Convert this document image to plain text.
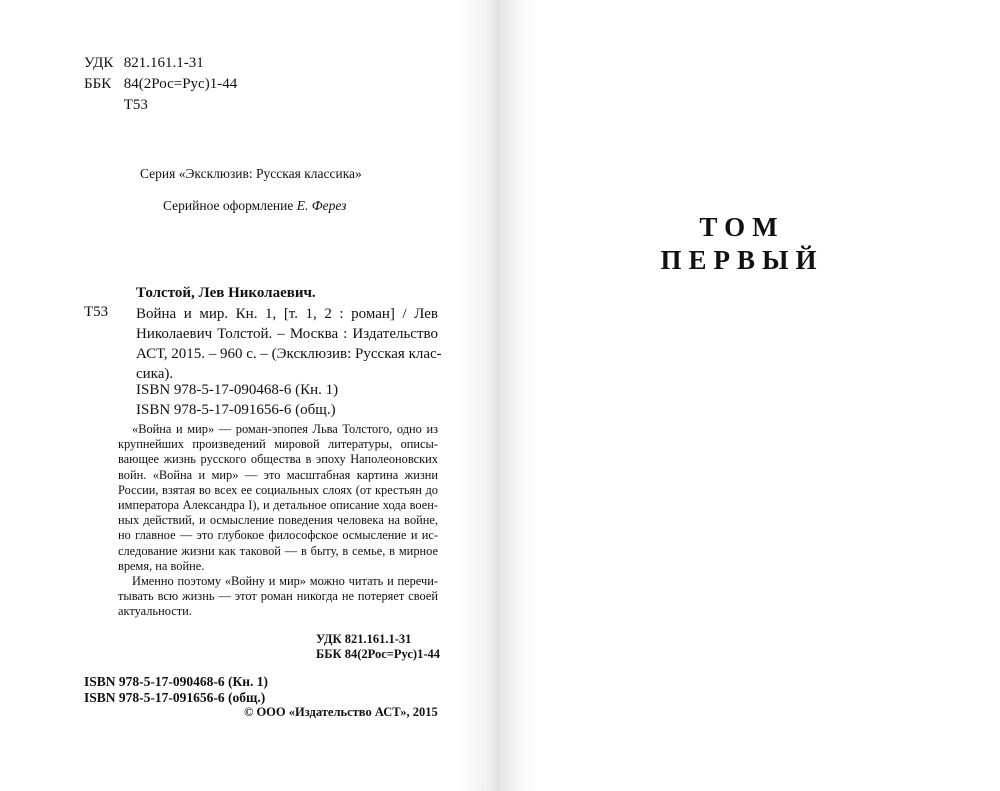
УДК 821.161.1-31
ББК 84(2Рос=Рус)1-44
Т53
Серия «Эксклюзив: Русская классика»
Серийное оформление Е. Ферез
Толстой, Лев Николаевич.
Т53 Война и мир. Кн. 1, [т. 1, 2 : роман] / Лев
Николаевич Толстой. – Москва : Издательство
АСТ, 2015. – 960 с. – (Эксклюзив: Русская клас-
сика).
ISBN 978-5-17-090468-6 (Кн. 1)
ISBN 978-5-17-091656-6 (общ.)
«Война и мир» — роман-эпопея Льва Толстого, одно из
крупнейших произведений мировой литературы, описы-
вающее жизнь русского общества в эпоху Наполеоновских
войн. «Война и мир» — это масштабная картина жизни
России, взятая во всех ее социальных слоях (от крестьян до
императора Александра I), и детальное описание хода воен-
ных действий, и осмысление поведения человека на войне,
но главное — это глубокое философское осмысление и ис-
следование жизни как таковой — в быту, в семье, в мирное
время, на войне.
Именно поэтому «Войну и мир» можно читать и перечи-
тывать всю жизнь — этот роман никогда не потеряет своей
актуальности.
УДК 821.161.1-31
ББК 84(2Рос=Рус)1-44
ISBN 978-5-17-090468-6 (Кн. 1)
ISBN 978-5-17-091656-6 (общ.)
© ООО «Издательство АСТ», 2015
ТОМ
ПЕРВЫЙ
